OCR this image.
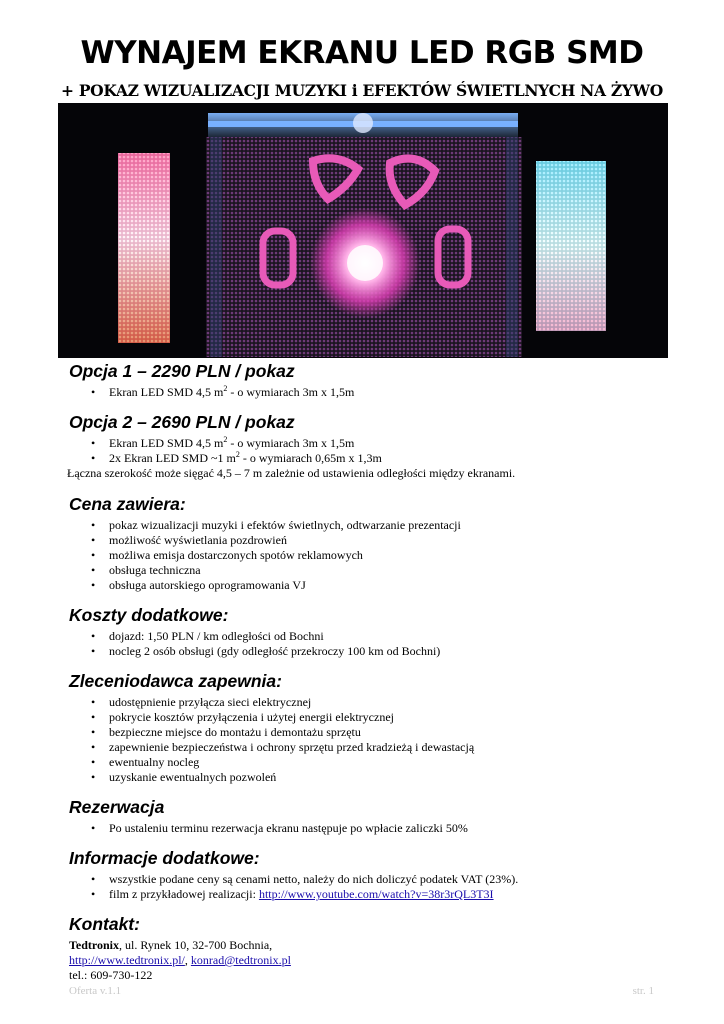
WYNAJEM EKRANU LED RGB SMD

+ POKAZ WIZUALIZACJI MUZYKI i EFEKTÓW ŚWIETLNYCH NA ŻYWO

Opcja 1 – 2290 PLN / pokaz
• Ekran LED SMD 4,5 $m^2$ - o wymiarach 3m x 1,5m
Opcja 2 – 2690 PLN / pokaz
• Ekran LED SMD 4,5 $m^2$ - o wymiarach 3m x 1,5m
• 2x Ekran LED SMD ~1 $m^2$ - o wymiarach 0,65m x 1,3m

Łączna szerokość może sięgać 4,5 – 7 m zależnie od ustawienia odległości między ekranami.

Cena zawiera:
• pokaz wizualizacji muzyki i efektów świetlnych, odtwarzanie prezentacji
• możliwość wyświetlania pozdrowień
• możliwa emisja dostarczonych spotów reklamowych
• obsługa techniczna
• obsługa autorskiego oprogramowania VJ
Koszty dodatkowe:
• dojazd: 1,50 PLN / km odległości od Bochni
• nocleg 2 osób obsługi (gdy odległość przekroczy 100 km od Bochni)
Zleceniodawca zapewnia:
• udostępnienie przyłącza sieci elektrycznej
• pokrycie kosztów przyłączenia i użytej energii elektrycznej
• bezpieczne miejsce do montażu i demontażu sprzętu
• zapewnienie bezpieczeństwa i ochrony sprzętu przed kradzieżą i dewastacją
• ewentualny nocleg
• uzyskanie ewentualnych pozwoleń
Rezerwacja
• Po ustaleniu terminu rezerwacja ekranu następuje po wpłacie zaliczki 50%
Informacje dodatkowe:
• wszystkie podane ceny są cenami netto, należy do nich doliczyć podatek VAT (23%).
• film z przykładowej realizacji: http://www.youtube.com/watch?v=38r3rQL3T3I
Kontakt:

Tedtronix, ul. Rynek 10, 32-700 Bochnia,

http://www.tedtronix.pl/, konrad@tedtronix.pl

tel.: 609-730-122

Oferta v.1.1	str. 1
